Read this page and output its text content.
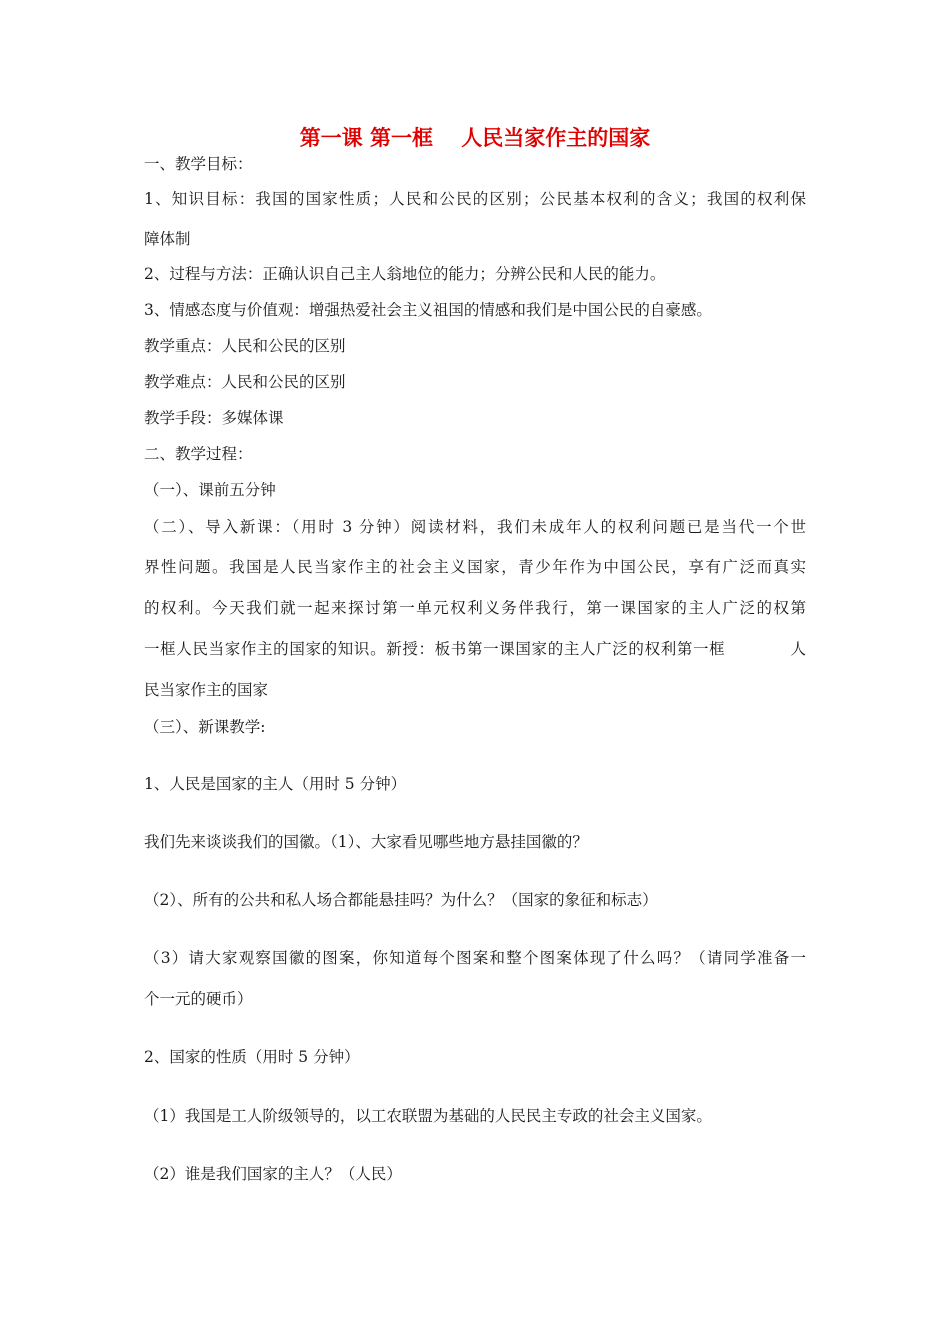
第一课 第一框 　人民当家作主的国家
一、教学目标：
1、知识目标：我国的国家性质；人民和公民的区别；公民基本权利的含义；我国的权利保
障体制
2、过程与方法：正确认识自己主人翁地位的能力；分辨公民和人民的能力。
3、情感态度与价值观：增强热爱社会主义祖国的情感和我们是中国公民的自豪感。
教学重点：人民和公民的区别
教学难点：人民和公民的区别
教学手段：多媒体课
二、教学过程：
（一）、课前五分钟
（二）、导入新课：（用时 3 分钟）阅读材料，我们未成年人的权利问题已是当代一个世
界性问题。我国是人民当家作主的社会主义国家，青少年作为中国公民，享有广泛而真实
的权利。今天我们就一起来探讨第一单元权利义务伴我行，第一课国家的主人广泛的权第
一框人民当家作主的国家的知识。新授：板书第一课国家的主人广泛的权利第一框 　 　 　人
民当家作主的国家
（三）、新课教学:
1、人民是国家的主人（用时 5 分钟）
我们先来谈谈我们的国徽。（1）、大家看见哪些地方悬挂国徽的？
（2）、所有的公共和私人场合都能悬挂吗？为什么？（国家的象征和标志）
（3）请大家观察国徽的图案，你知道每个图案和整个图案体现了什么吗？（请同学准备一
个一元的硬币）
2、国家的性质（用时 5 分钟）
（1）我国是工人阶级领导的，以工农联盟为基础的人民民主专政的社会主义国家。
（2）谁是我们国家的主人？（人民）
